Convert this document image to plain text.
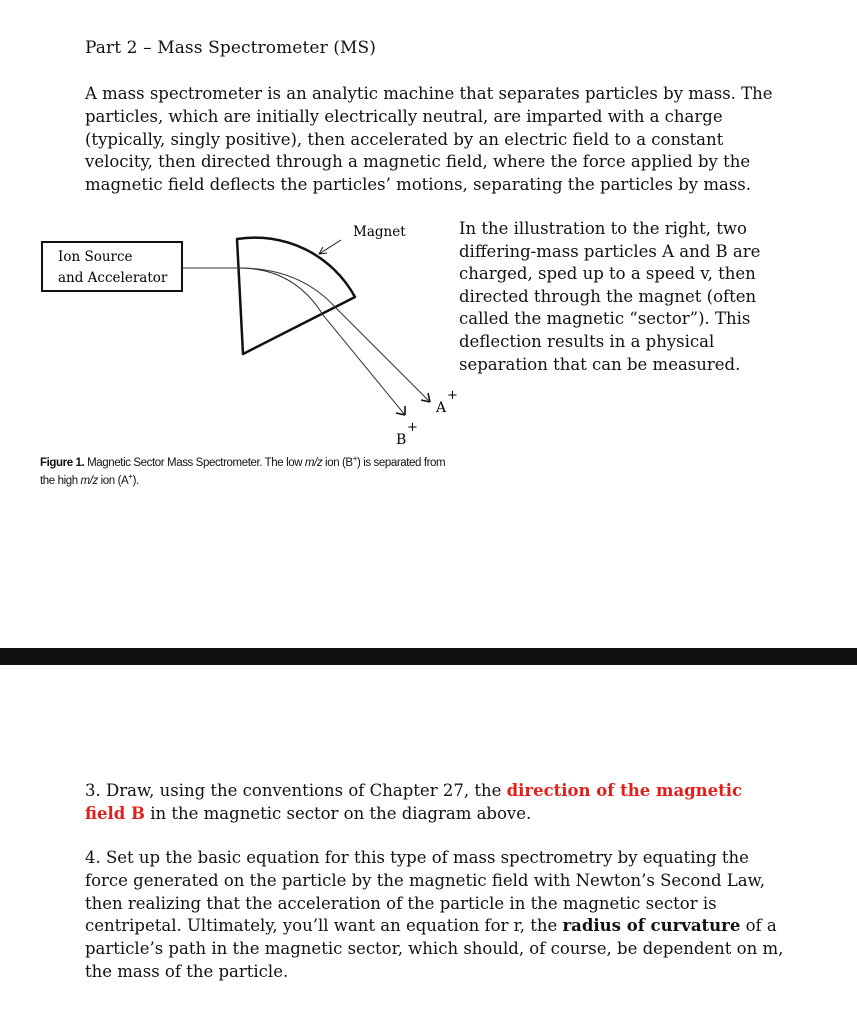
Part 2 – Mass Spectrometer (MS)

A mass spectrometer is an analytic machine that separates particles by mass. The particles, which are initially electrically neutral, are imparted with a charge (typically, singly positive), then accelerated by an electric field to a constant velocity, then directed through a magnetic field, where the force applied by the magnetic field deflects the particles’ motions, separating the particles by mass.

Ion Source
and Accelerator
Magnet
A
+
B
+
Figure 1. Magnetic Sector Mass Spectrometer. The low m/z ion (B+) is separated from the high m/z ion (A+).

In the illustration to the right, two differing-mass particles A and B are charged, sped up to a speed v, then directed through the magnet (often called the magnetic “sector”). This deflection results in a physical separation that can be measured.

3. Draw, using the conventions of Chapter 27, the direction of the magnetic field B in the magnetic sector on the diagram above.

4. Set up the basic equation for this type of mass spectrometry by equating the force generated on the particle by the magnetic field with Newton’s Second Law, then realizing that the acceleration of the particle in the magnetic sector is centripetal. Ultimately, you’ll want an equation for r, the radius of curvature of a particle’s path in the magnetic sector, which should, of course, be dependent on m, the mass of the particle.
